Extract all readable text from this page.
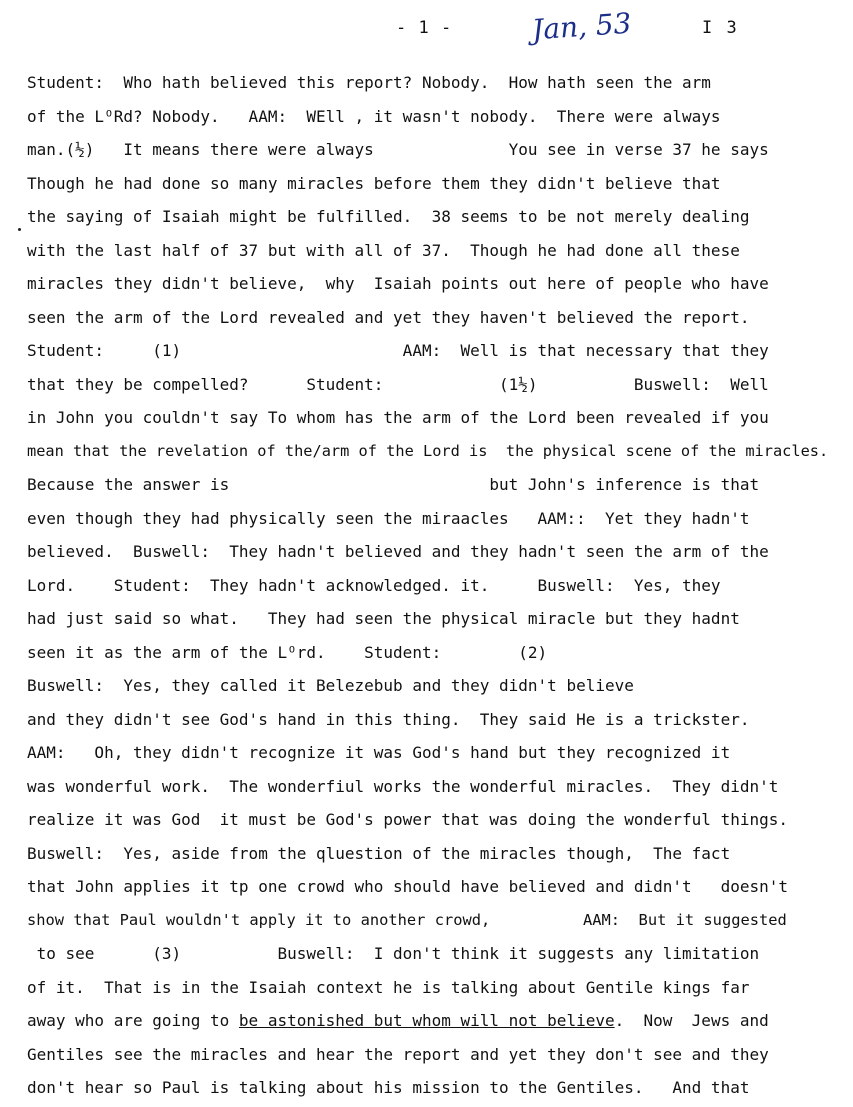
- 1 -	Jan, 53	I 3
Student:  Who hath believed this report? Nobody.  How hath seen the arm
of the LᴼRd? Nobody.   AAM:  WEll , it wasn't nobody.  There were always
man.(½)   It means there were always              You see in verse 37 he says
Though he had done so many miracles before them they didn't believe that
the saying of Isaiah might be fulfilled.  38 seems to be not merely dealing
with the last half of 37 but with all of 37.  Though he had done all these
miracles they didn't believe,  why  Isaiah points out here of people who have
seen the arm of the Lord revealed and yet they haven't believed the report.
Student:     (1)                       AAM:  Well is that necessary that they
that they be compelled?      Student:            (1½)          Buswell:  Well
in John you couldn't say To whom has the arm of the Lord been revealed if you
mean that the revelation of the/arm of the Lord is  the physical scene of the miracles.
Because the answer is                           but John's inference is that
even though they had physically seen the miraacles   AAM::  Yet they hadn't
believed.  Buswell:  They hadn't believed and they hadn't seen the arm of the
Lord.    Student:  They hadn't acknowledged. it.     Buswell:  Yes, they
had just said so what.   They had seen the physical miracle but they hadnt
seen it as the arm of the Lᴼrd.    Student:        (2)
Buswell:  Yes, they called it Belezebub and they didn't believe
and they didn't see God's hand in this thing.  They said He is a trickster.
AAM:   Oh, they didn't recognize it was God's hand but they recognized it
was wonderful work.  The wonderfiul works the wonderful miracles.  They didn't
realize it was God  it must be God's power that was doing the wonderful things.
Buswell:  Yes, aside from the qluestion of the miracles though,  The fact
that John applies it tp one crowd who should have believed and didn't   doesn't
show that Paul wouldn't apply it to another crowd,          AAM:  But it suggested
to see      (3)          Buswell:  I don't think it suggests any limitation
of it.  That is in the Isaiah context he is talking about Gentile kings far
away who are going to be astonished but whom will not believe.  Now  Jews and
Gentiles see the miracles and hear the report and yet they don't see and they
don't hear so Paul is talking about his mission to the Gentiles.   And that
